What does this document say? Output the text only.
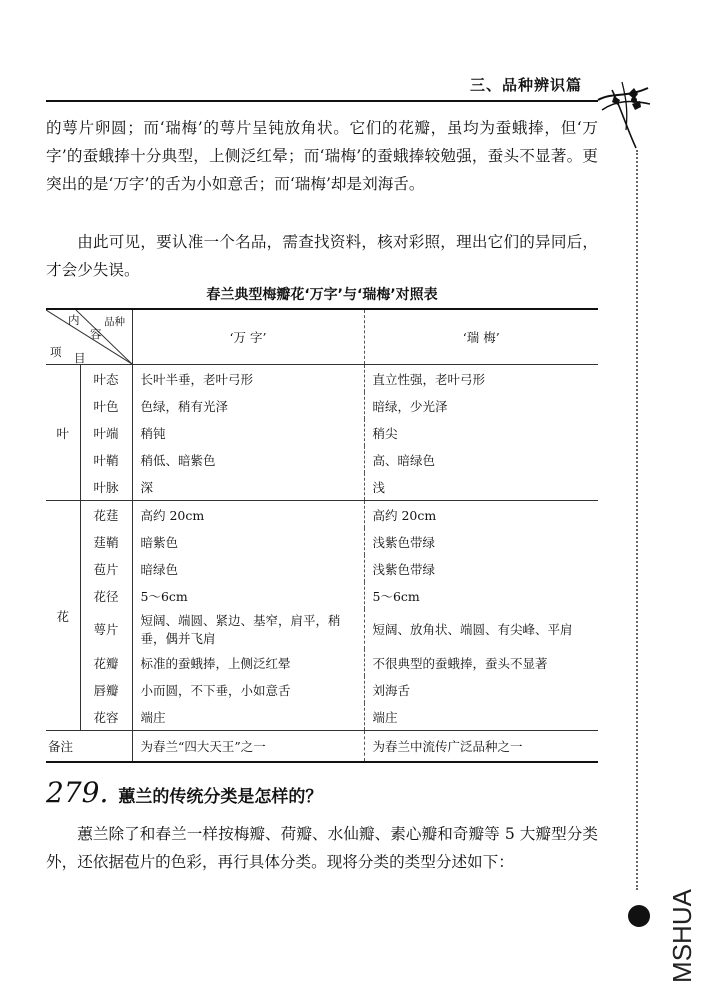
三、品种辨识篇
MSHUA

的萼片卵圆；而‘瑞梅’的萼片呈钝放角状。它们的花瓣，虽均为蚕蛾捧，但‘万字’的蚕蛾捧十分典型，上侧泛红晕；而‘瑞梅’的蚕蛾捧较勉强，蚕头不显著。更突出的是‘万字’的舌为小如意舌；而‘瑞梅’却是刘海舌。

由此可见，要认准一个名品，需查找资料，核对彩照，理出它们的异同后，才会少失误。

春兰典型梅瓣花‘万字’与‘瑞梅’对照表
内 品种
容
项 目		‘万 字’	‘瑞 梅’
叶	叶态	长叶半垂，老叶弓形	直立性强，老叶弓形
	叶色	色绿，稍有光泽	暗绿，少光泽
	叶端	稍钝	稍尖
	叶鞘	稍低、暗紫色	高、暗绿色
	叶脉	深	浅
花	花莛	高约 20cm	高约 20cm
	莛鞘	暗紫色	浅紫色带绿
	苞片	暗绿色	浅紫色带绿
	花径	5～6cm	5～6cm
	萼片	短阔、端圆、紧边、基窄，肩平，稍垂，偶并飞肩	短阔、放角状、端圆、有尖峰、平肩
	花瓣	标准的蚕蛾捧，上侧泛红晕	不很典型的蚕蛾捧，蚕头不显著
	唇瓣	小而圆，不下垂，小如意舌	刘海舌
	花容	端庄	端庄
备注		为春兰“四大天王”之一	为春兰中流传广泛品种之一
279. 蕙兰的传统分类是怎样的？

蕙兰除了和春兰一样按梅瓣、荷瓣、水仙瓣、素心瓣和奇瓣等 5 大瓣型分类外，还依据苞片的色彩，再行具体分类。现将分类的类型分述如下：
